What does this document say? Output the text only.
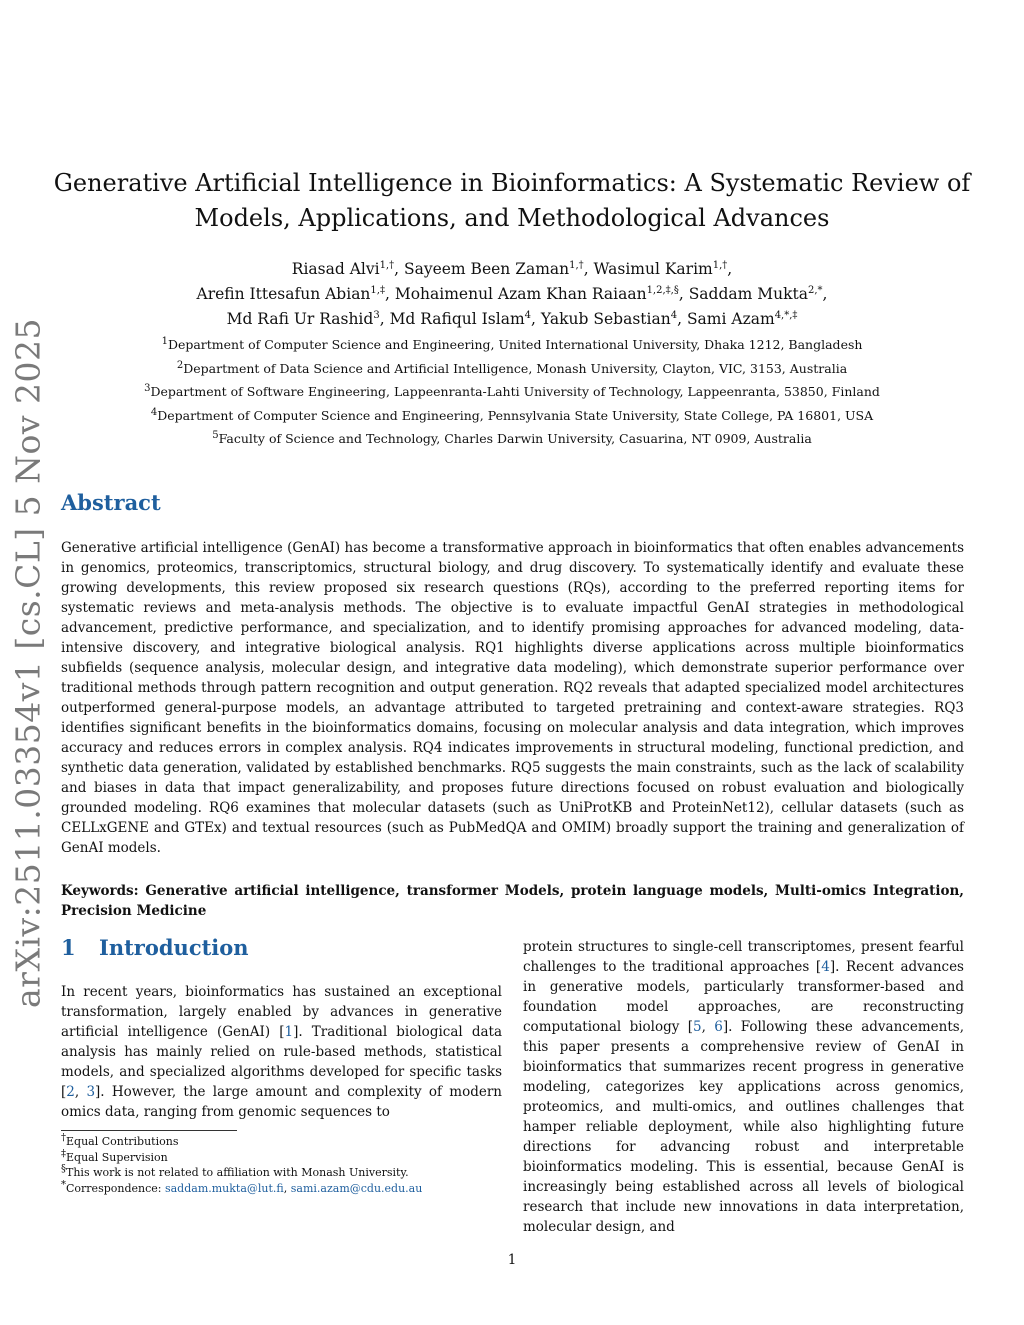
arXiv:2511.03354v1 [cs.CL] 5 Nov 2025
Generative Artificial Intelligence in Bioinformatics: A Systematic Review of
Models, Applications, and Methodological Advances
Riasad Alvi$^{1,\dagger}$, Sayeem Been Zaman$^{1,\dagger}$, Wasimul Karim$^{1,\dagger}$,
Arefin Ittesafun Abian$^{1,\ddagger}$, Mohaimenul Azam Khan Raiaan$^{1,2,\ddagger,\S}$, Saddam Mukta$^{2,*}$,
Md Rafi Ur Rashid$^3$, Md Rafiqul Islam$^4$, Yakub Sebastian$^4$, Sami Azam$^{4,*,\ddagger}$
$^1$Department of Computer Science and Engineering, United International University, Dhaka 1212, Bangladesh
$^2$Department of Data Science and Artificial Intelligence, Monash University, Clayton, VIC, 3153, Australia
$^3$Department of Software Engineering, Lappeenranta-Lahti University of Technology, Lappeenranta, 53850, Finland
$^4$Department of Computer Science and Engineering, Pennsylvania State University, State College, PA 16801, USA
$^5$Faculty of Science and Technology, Charles Darwin University, Casuarina, NT 0909, Australia
Abstract

Generative artificial intelligence (GenAI) has become a transformative approach in bioinformatics that often enables advancements in genomics, proteomics, transcriptomics, structural biology, and drug discovery. To systematically identify and evaluate these growing developments, this review proposed six research questions (RQs), according to the preferred reporting items for systematic reviews and meta-analysis methods. The objective is to evaluate impactful GenAI strategies in methodological advancement, predictive performance, and specialization, and to identify promising approaches for advanced modeling, data-intensive discovery, and integrative biological analysis. RQ1 highlights diverse applications across multiple bioinformatics subfields (sequence analysis, molecular design, and integrative data modeling), which demonstrate superior performance over traditional methods through pattern recognition and output generation. RQ2 reveals that adapted specialized model architectures outperformed general-purpose models, an advantage attributed to targeted pretraining and context-aware strategies. RQ3 identifies significant benefits in the bioinformatics domains, focusing on molecular analysis and data integration, which improves accuracy and reduces errors in complex analysis. RQ4 indicates improvements in structural modeling, functional prediction, and synthetic data generation, validated by established benchmarks. RQ5 suggests the main constraints, such as the lack of scalability and biases in data that impact generalizability, and proposes future directions focused on robust evaluation and biologically grounded modeling. RQ6 examines that molecular datasets (such as UniProtKB and ProteinNet12), cellular datasets (such as CELLxGENE and GTEx) and textual resources (such as PubMedQA and OMIM) broadly support the training and generalization of GenAI models.

Keywords: Generative artificial intelligence, transformer Models, protein language models, Multi-omics Integration, Precision Medicine

1 Introduction

In recent years, bioinformatics has sustained an exceptional transformation, largely enabled by advances in generative artificial intelligence (GenAI) [1]. Traditional biological data analysis has mainly relied on rule-based methods, statistical models, and specialized algorithms developed for specific tasks [2, 3]. However, the large amount and complexity of modern omics data, ranging from genomic sequences to

protein structures to single-cell transcriptomes, present fearful challenges to the traditional approaches [4]. Recent advances in generative models, particularly transformer-based and foundation model approaches, are reconstructing computational biology [5, 6]. Following these advancements, this paper presents a comprehensive review of GenAI in bioinformatics that summarizes recent progress in generative modeling, categorizes key applications across genomics, proteomics, and multi-omics, and outlines challenges that hamper reliable deployment, while also highlighting future directions for advancing robust and interpretable bioinformatics modeling. This is essential, because GenAI is increasingly being established across all levels of biological research that include new innovations in data interpretation, molecular design, and

†Equal Contributions
‡Equal Supervision
§This work is not related to affiliation with Monash University.
*Correspondence: saddam.mukta@lut.fi, sami.azam@cdu.edu.au
1
